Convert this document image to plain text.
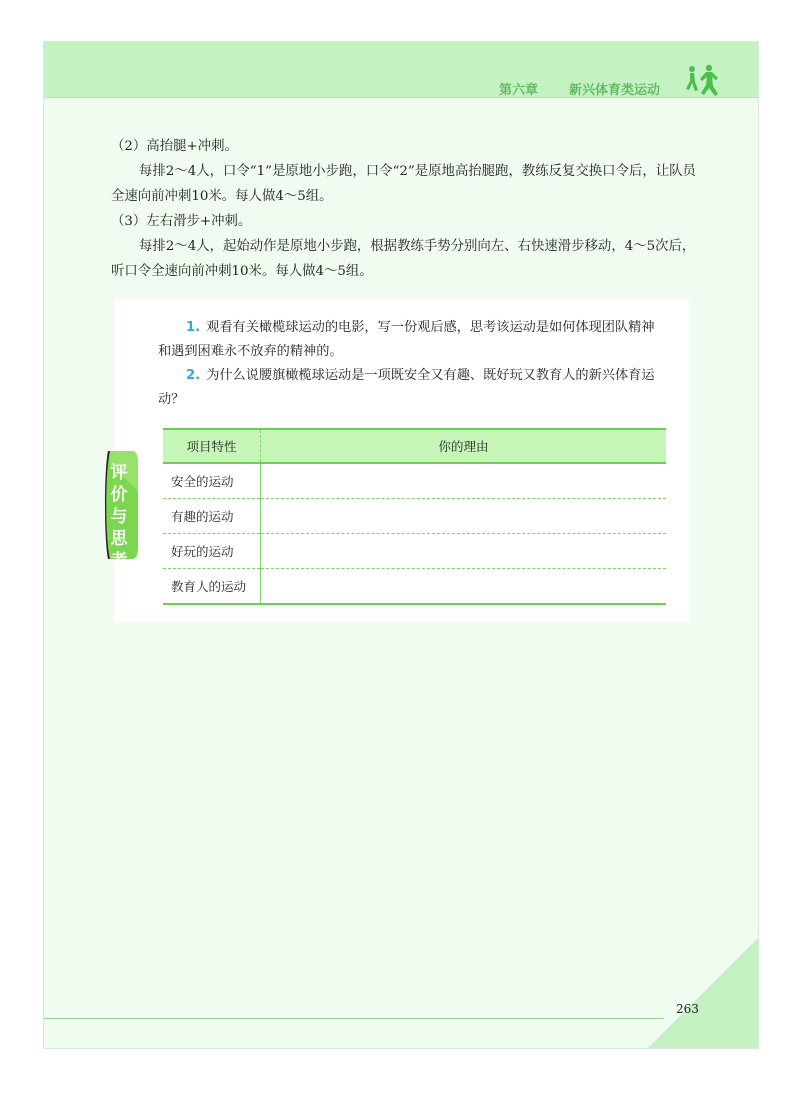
第六章 新兴体育类运动

（2）高抬腿+冲刺。

每排2～4人，口令“1”是原地小步跑，口令“2”是原地高抬腿跑，教练反复交换口令后，让队员全速向前冲刺10米。每人做4～5组。

（3）左右滑步+冲刺。

每排2～4人，起始动作是原地小步跑，根据教练手势分别向左、右快速滑步移动，4～5次后，听口令全速向前冲刺10米。每人做4～5组。

1. 观看有关橄榄球运动的电影，写一份观后感，思考该运动是如何体现团队精神和遇到困难永不放弃的精神的。

2. 为什么说腰旗橄榄球运动是一项既安全又有趣、既好玩又教育人的新兴体育运动？

项目特性	你的理由
安全的运动	
有趣的运动	
好玩的运动	
教育人的运动	
评价与思考
263
